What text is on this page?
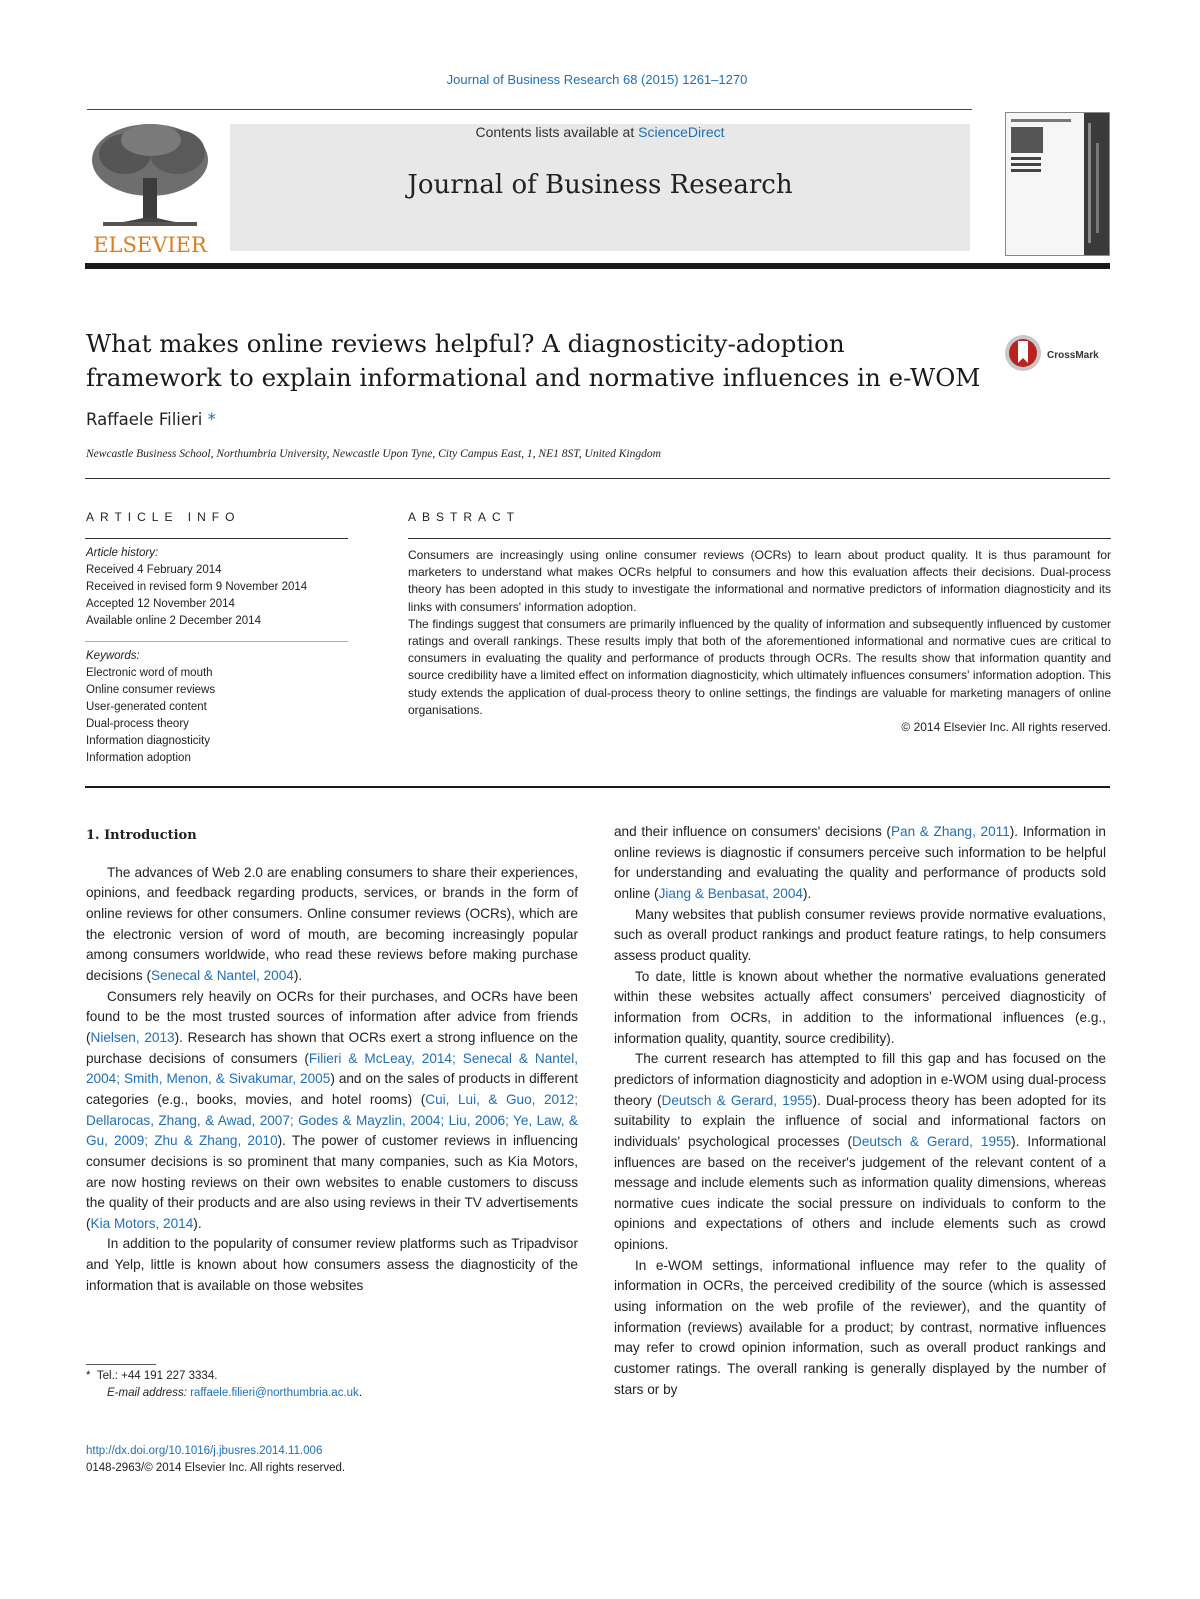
Journal of Business Research 68 (2015) 1261–1270
ELSEVIER
Contents lists available at ScienceDirect
Journal of Business Research
What makes online reviews helpful? A diagnosticity-adoption
framework to explain informational and normative influences in e-WOM
CrossMark
Raffaele Filieri *
Newcastle Business School, Northumbria University, Newcastle Upon Tyne, City Campus East, 1, NE1 8ST, United Kingdom
ARTICLE INFO	ABSTRACT
Article history:
Received 4 February 2014
Received in revised form 9 November 2014
Accepted 12 November 2014
Available online 2 December 2014
Keywords:
Electronic word of mouth
Online consumer reviews
User-generated content
Dual-process theory
Information diagnosticity
Information adoption

Consumers are increasingly using online consumer reviews (OCRs) to learn about product quality. It is thus paramount for marketers to understand what makes OCRs helpful to consumers and how this evaluation affects their decisions. Dual-process theory has been adopted in this study to investigate the informational and normative predictors of information diagnosticity and its links with consumers' information adoption.

The findings suggest that consumers are primarily influenced by the quality of information and subsequently influenced by customer ratings and overall rankings. These results imply that both of the aforementioned informational and normative cues are critical to consumers in evaluating the quality and performance of products through OCRs. The results show that information quantity and source credibility have a limited effect on information diagnosticity, which ultimately influences consumers' information adoption. This study extends the application of dual-process theory to online settings, the findings are valuable for marketing managers of online organisations.

© 2014 Elsevier Inc. All rights reserved.

1. Introduction

The advances of Web 2.0 are enabling consumers to share their experiences, opinions, and feedback regarding products, services, or brands in the form of online reviews for other consumers. Online consumer reviews (OCRs), which are the electronic version of word of mouth, are becoming increasingly popular among consumers worldwide, who read these reviews before making purchase decisions (Senecal & Nantel, 2004).

Consumers rely heavily on OCRs for their purchases, and OCRs have been found to be the most trusted sources of information after advice from friends (Nielsen, 2013). Research has shown that OCRs exert a strong influence on the purchase decisions of consumers (Filieri & McLeay, 2014; Senecal & Nantel, 2004; Smith, Menon, & Sivakumar, 2005) and on the sales of products in different categories (e.g., books, movies, and hotel rooms) (Cui, Lui, & Guo, 2012; Dellarocas, Zhang, & Awad, 2007; Godes & Mayzlin, 2004; Liu, 2006; Ye, Law, & Gu, 2009; Zhu & Zhang, 2010). The power of customer reviews in influencing consumer decisions is so prominent that many companies, such as Kia Motors, are now hosting reviews on their own websites to enable customers to discuss the quality of their products and are also using reviews in their TV advertisements (Kia Motors, 2014).

In addition to the popularity of consumer review platforms such as Tripadvisor and Yelp, little is known about how consumers assess the diagnosticity of the information that is available on those websites

and their influence on consumers' decisions (Pan & Zhang, 2011). Information in online reviews is diagnostic if consumers perceive such information to be helpful for understanding and evaluating the quality and performance of products sold online (Jiang & Benbasat, 2004).

Many websites that publish consumer reviews provide normative evaluations, such as overall product rankings and product feature ratings, to help consumers assess product quality.

To date, little is known about whether the normative evaluations generated within these websites actually affect consumers' perceived diagnosticity of information from OCRs, in addition to the informational influences (e.g., information quality, quantity, source credibility).

The current research has attempted to fill this gap and has focused on the predictors of information diagnosticity and adoption in e-WOM using dual-process theory (Deutsch & Gerard, 1955). Dual-process theory has been adopted for its suitability to explain the influence of social and informational factors on individuals' psychological processes (Deutsch & Gerard, 1955). Informational influences are based on the receiver's judgement of the relevant content of a message and include elements such as information quality dimensions, whereas normative cues indicate the social pressure on individuals to conform to the opinions and expectations of others and include elements such as crowd opinions.

In e-WOM settings, informational influence may refer to the quality of information in OCRs, the perceived credibility of the source (which is assessed using information on the web profile of the reviewer), and the quantity of information (reviews) available for a product; by contrast, normative influences may refer to crowd opinion information, such as overall product rankings and customer ratings. The overall ranking is generally displayed by the number of stars or by

* Tel.: +44 191 227 3334.
E-mail address: raffaele.filieri@northumbria.ac.uk.
http://dx.doi.org/10.1016/j.jbusres.2014.11.006
0148-2963/© 2014 Elsevier Inc. All rights reserved.
